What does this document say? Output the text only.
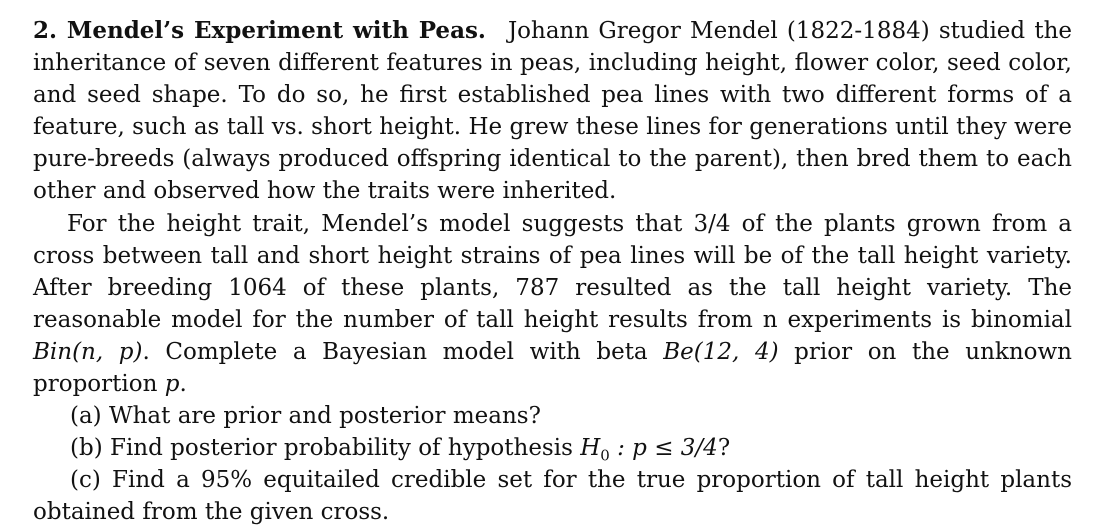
2. Mendel’s Experiment with Peas. Johann Gregor Mendel (1822-1884) studied the inheritance of seven different features in peas, including height, flower color, seed color, and seed shape. To do so, he first established pea lines with two different forms of a feature, such as tall vs. short height. He grew these lines for generations until they were pure-breeds (always produced offspring identical to the parent), then bred them to each other and observed how the traits were inherited.

For the height trait, Mendel’s model suggests that 3/4 of the plants grown from a cross between tall and short height strains of pea lines will be of the tall height variety. After breeding 1064 of these plants, 787 resulted as the tall height variety. The reasonable model for the number of tall height results from n experiments is binomial Bin(n, p). Complete a Bayesian model with beta Be(12, 4) prior on the unknown proportion p.

(a) What are prior and posterior means?

(b) Find posterior probability of hypothesis $H_0$ : p ≤ 3/4?

(c) Find a 95% equitailed credible set for the true proportion of tall height plants obtained from the given cross.
